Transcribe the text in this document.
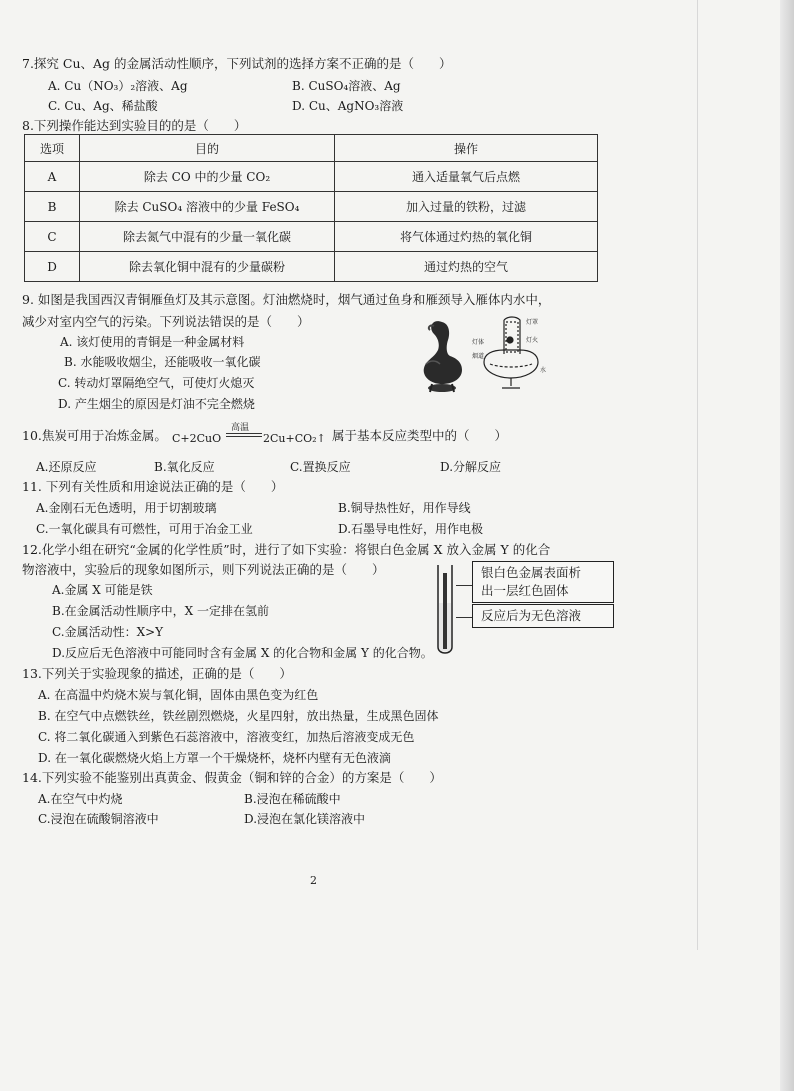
7.探究 Cu、Ag 的金属活动性顺序，下列试剂的选择方案不正确的是（　　）
A. Cu（NO₃）₂溶液、Ag	B. CuSO₄溶液、Ag
C. Cu、Ag、稀盐酸	D. Cu、AgNO₃溶液
8.下列操作能达到实验目的的是（　　）
选项	目的	操作
A	除去 CO 中的少量 CO₂	通入适量氧气后点燃
B	除去 CuSO₄ 溶液中的少量 FeSO₄	加入过量的铁粉，过滤
C	除去氮气中混有的少量一氧化碳	将气体通过灼热的氧化铜
D	除去氧化铜中混有的少量碳粉	通过灼热的空气
9. 如图是我国西汉青铜雁鱼灯及其示意图。灯油燃烧时，烟气通过鱼身和雁颈导入雁体内水中，
减少对室内空气的污染。下列说法错误的是（　　）
A. 该灯使用的青铜是一种金属材料
B. 水能吸收烟尘，还能吸收一氧化碳
C. 转动灯罩隔绝空气，可使灯火熄灭
D. 产生烟尘的原因是灯油不完全燃烧
灯罩
灯火
灯体
水
烟道
10.焦炭可用于冶炼金属。 C+2CuO
高温
2Cu+CO₂↑ 属于基本反应类型中的（　　）
A.还原反应	B.氧化反应	C.置换反应	D.分解反应
11. 下列有关性质和用途说法正确的是（　　）
A.金刚石无色透明，用于切割玻璃	B.铜导热性好，用作导线
C.一氧化碳具有可燃性，可用于冶金工业	D.石墨导电性好，用作电极
12.化学小组在研究“金属的化学性质”时，进行了如下实验：将银白色金属 X 放入金属 Y 的化合
物溶液中，实验后的现象如图所示，则下列说法正确的是（　　）
A.金属 X 可能是铁
B.在金属活动性顺序中，X 一定排在氢前
C.金属活动性：X>Y
D.反应后无色溶液中可能同时含有金属 X 的化合物和金属 Y 的化合物。
银白色金属表面析
出一层红色固体
反应后为无色溶液
13.下列关于实验现象的描述，正确的是（　　）
A. 在高温中灼烧木炭与氧化铜，固体由黑色变为红色
B. 在空气中点燃铁丝，铁丝剧烈燃烧，火星四射，放出热量，生成黑色固体
C. 将二氧化碳通入到紫色石蕊溶液中，溶液变红，加热后溶液变成无色
D. 在一氧化碳燃烧火焰上方罩一个干燥烧杯，烧杯内壁有无色液滴
14.下列实验不能鉴别出真黄金、假黄金（铜和锌的合金）的方案是（　　）
A.在空气中灼烧	B.浸泡在稀硫酸中
C.浸泡在硫酸铜溶液中	D.浸泡在氯化镁溶液中
2
